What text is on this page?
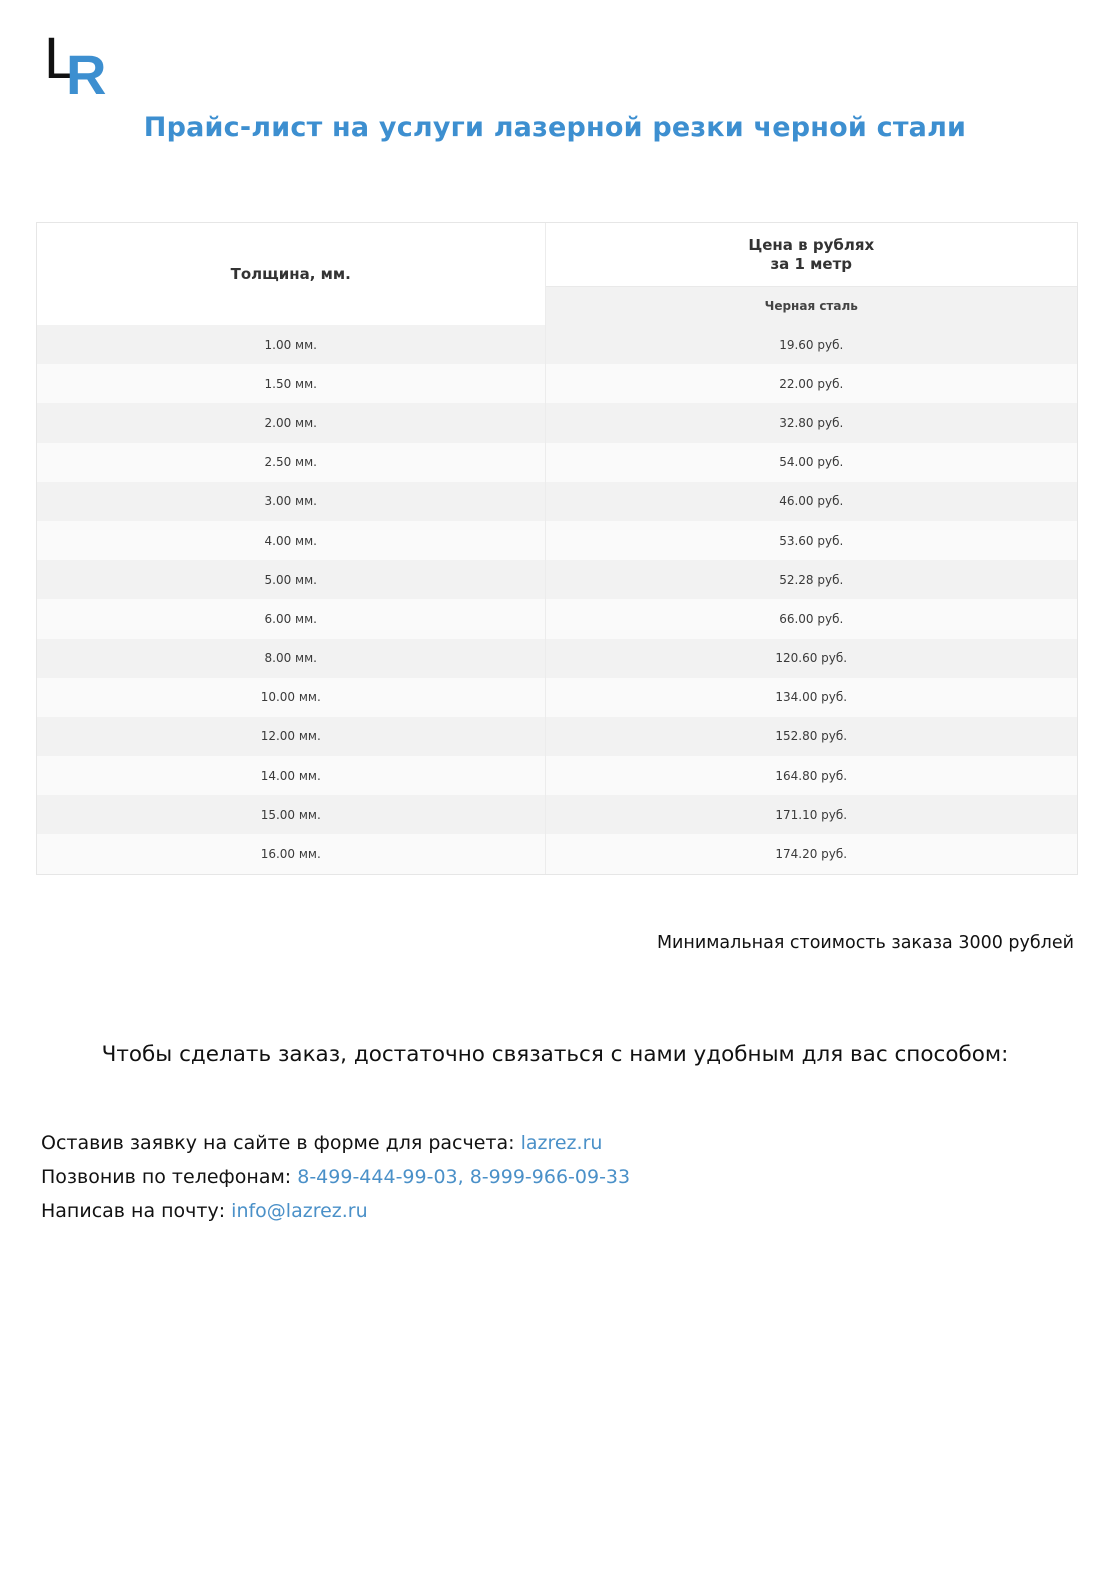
L
R
Прайс-лист на услуги лазерной резки черной стали
Толщина, мм.	Цена в рублях
за 1 метр

	Черная сталь
1.00 мм.	19.60 руб.
1.50 мм.	22.00 руб.
2.00 мм.	32.80 руб.
2.50 мм.	54.00 руб.
3.00 мм.	46.00 руб.
4.00 мм.	53.60 руб.
5.00 мм.	52.28 руб.
6.00 мм.	66.00 руб.
8.00 мм.	120.60 руб.
10.00 мм.	134.00 руб.
12.00 мм.	152.80 руб.
14.00 мм.	164.80 руб.
15.00 мм.	171.10 руб.
16.00 мм.	174.20 руб.
Минимальная стоимость заказа 3000 рублей
Чтобы сделать заказ, достаточно связаться с нами удобным для вас способом:
Оставив заявку на сайте в форме для расчета: lazrez.ru
Позвонив по телефонам: 8-499-444-99-03, 8-999-966-09-33
Написав на почту: info@lazrez.ru
